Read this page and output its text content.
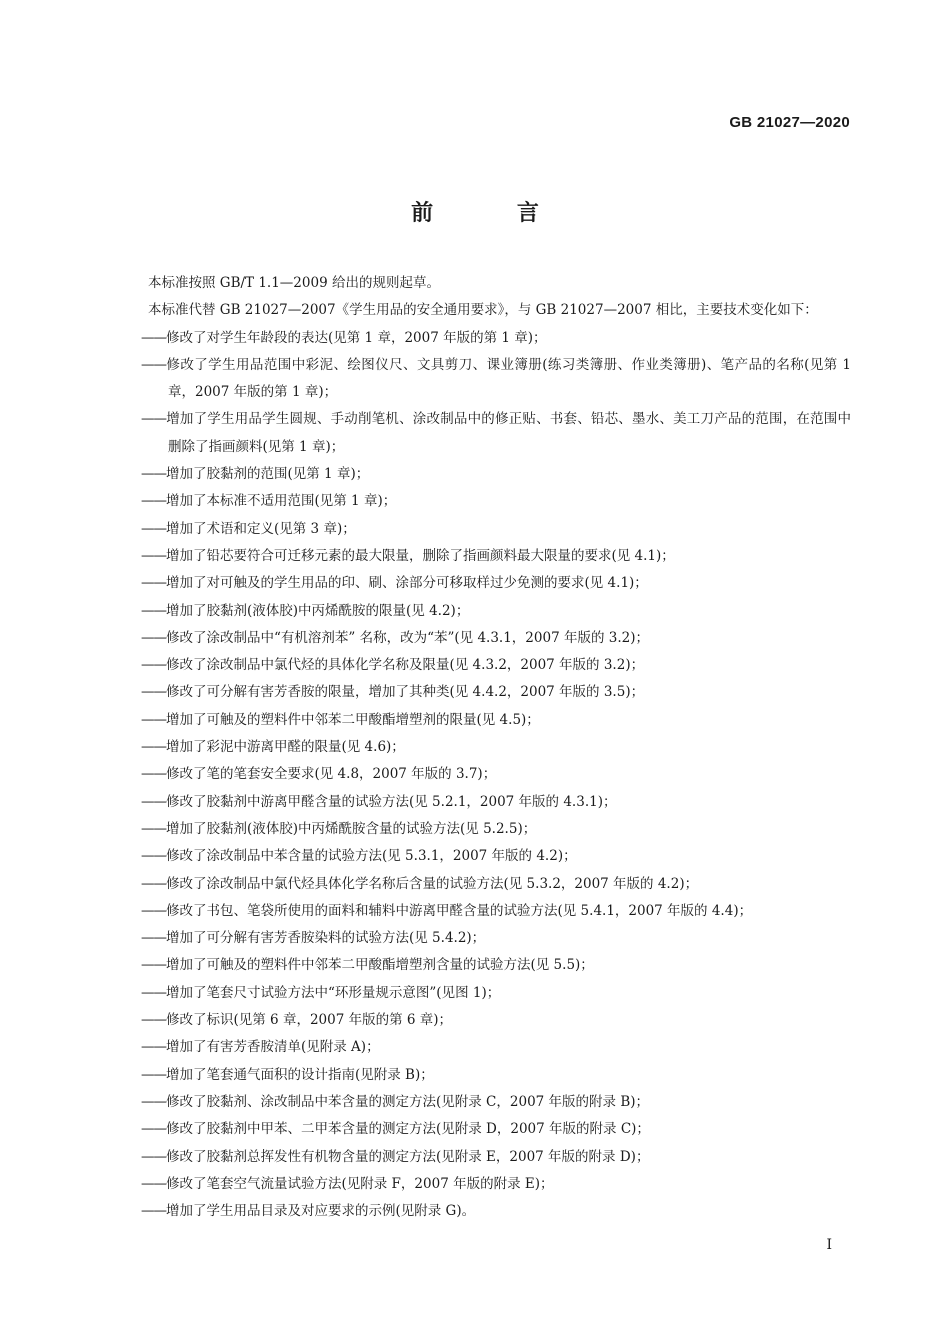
GB 21027—2020
前 言

本标准按照 GB/T 1.1—2009 给出的规则起草。

本标准代替 GB 21027—2007《学生用品的安全通用要求》，与 GB 21027—2007 相比，主要技术变化如下：

——修改了对学生年龄段的表达(见第 1 章，2007 年版的第 1 章)；

——修改了学生用品范围中彩泥、绘图仪尺、文具剪刀、课业簿册(练习类簿册、作业类簿册)、笔产品的名称(见第 1 章，2007 年版的第 1 章)；

——增加了学生用品学生圆规、手动削笔机、涂改制品中的修正贴、书套、铅芯、墨水、美工刀产品的范围，在范围中删除了指画颜料(见第 1 章)；

——增加了胶黏剂的范围(见第 1 章)；

——增加了本标准不适用范围(见第 1 章)；

——增加了术语和定义(见第 3 章)；

——增加了铅芯要符合可迁移元素的最大限量，删除了指画颜料最大限量的要求(见 4.1)；

——增加了对可触及的学生用品的印、刷、涂部分可移取样过少免测的要求(见 4.1)；

——增加了胶黏剂(液体胶)中丙烯酰胺的限量(见 4.2)；

——修改了涂改制品中“有机溶剂苯” 名称，改为“苯”(见 4.3.1，2007 年版的 3.2)；

——修改了涂改制品中氯代烃的具体化学名称及限量(见 4.3.2，2007 年版的 3.2)；

——修改了可分解有害芳香胺的限量，增加了其种类(见 4.4.2，2007 年版的 3.5)；

——增加了可触及的塑料件中邻苯二甲酸酯增塑剂的限量(见 4.5)；

——增加了彩泥中游离甲醛的限量(见 4.6)；

——修改了笔的笔套安全要求(见 4.8，2007 年版的 3.7)；

——修改了胶黏剂中游离甲醛含量的试验方法(见 5.2.1，2007 年版的 4.3.1)；

——增加了胶黏剂(液体胶)中丙烯酰胺含量的试验方法(见 5.2.5)；

——修改了涂改制品中苯含量的试验方法(见 5.3.1，2007 年版的 4.2)；

——修改了涂改制品中氯代烃具体化学名称后含量的试验方法(见 5.3.2，2007 年版的 4.2)；

——修改了书包、笔袋所使用的面料和辅料中游离甲醛含量的试验方法(见 5.4.1，2007 年版的 4.4)；

——增加了可分解有害芳香胺染料的试验方法(见 5.4.2)；

——增加了可触及的塑料件中邻苯二甲酸酯增塑剂含量的试验方法(见 5.5)；

——增加了笔套尺寸试验方法中“环形量规示意图”(见图 1)；

——修改了标识(见第 6 章，2007 年版的第 6 章)；

——增加了有害芳香胺清单(见附录 A)；

——增加了笔套通气面积的设计指南(见附录 B)；

——修改了胶黏剂、涂改制品中苯含量的测定方法(见附录 C，2007 年版的附录 B)；

——修改了胶黏剂中甲苯、二甲苯含量的测定方法(见附录 D，2007 年版的附录 C)；

——修改了胶黏剂总挥发性有机物含量的测定方法(见附录 E，2007 年版的附录 D)；

——修改了笔套空气流量试验方法(见附录 F，2007 年版的附录 E)；

——增加了学生用品目录及对应要求的示例(见附录 G)。

I
